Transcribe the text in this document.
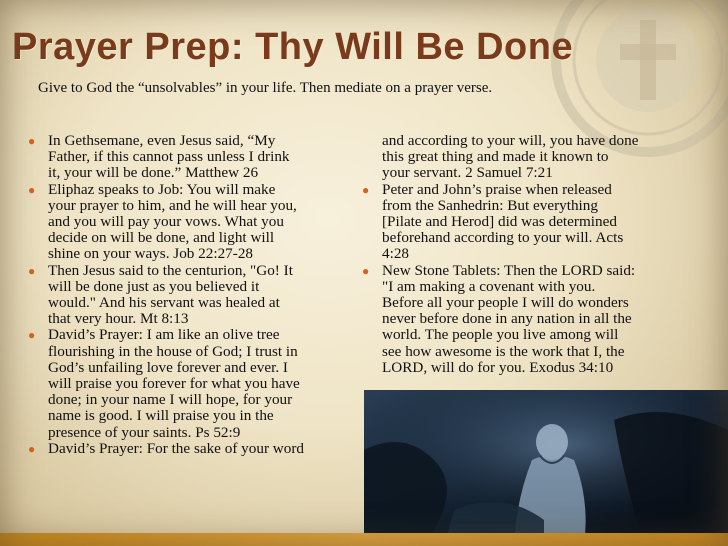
Prayer Prep: Thy Will Be Done
Give to God the “unsolvables” in your life. Then mediate on a prayer verse.
● In Gethsemane, even Jesus said, “My
Father, if this cannot pass unless I drink
it, your will be done.” Matthew 26
● Eliphaz speaks to Job: You will make
your prayer to him, and he will hear you,
and you will pay your vows. What you
decide on will be done, and light will
shine on your ways. Job 22:27-28
● Then Jesus said to the centurion, "Go! It
will be done just as you believed it
would." And his servant was healed at
that very hour. Mt 8:13
● David’s Prayer: I am like an olive tree
flourishing in the house of God; I trust in
God’s unfailing love forever and ever. I
will praise you forever for what you have
done; in your name I will hope, for your
name is good. I will praise you in the
presence of your saints. Ps 52:9
● David’s Prayer: For the sake of your word
and according to your will, you have done
this great thing and made it known to
your servant. 2 Samuel 7:21
● Peter and John’s praise when released
from the Sanhedrin: But everything
[Pilate and Herod] did was determined
beforehand according to your will. Acts
4:28
● New Stone Tablets: Then the LORD said:
"I am making a covenant with you.
Before all your people I will do wonders
never before done in any nation in all the
world. The people you live among will
see how awesome is the work that I, the
LORD, will do for you. Exodus 34:10
